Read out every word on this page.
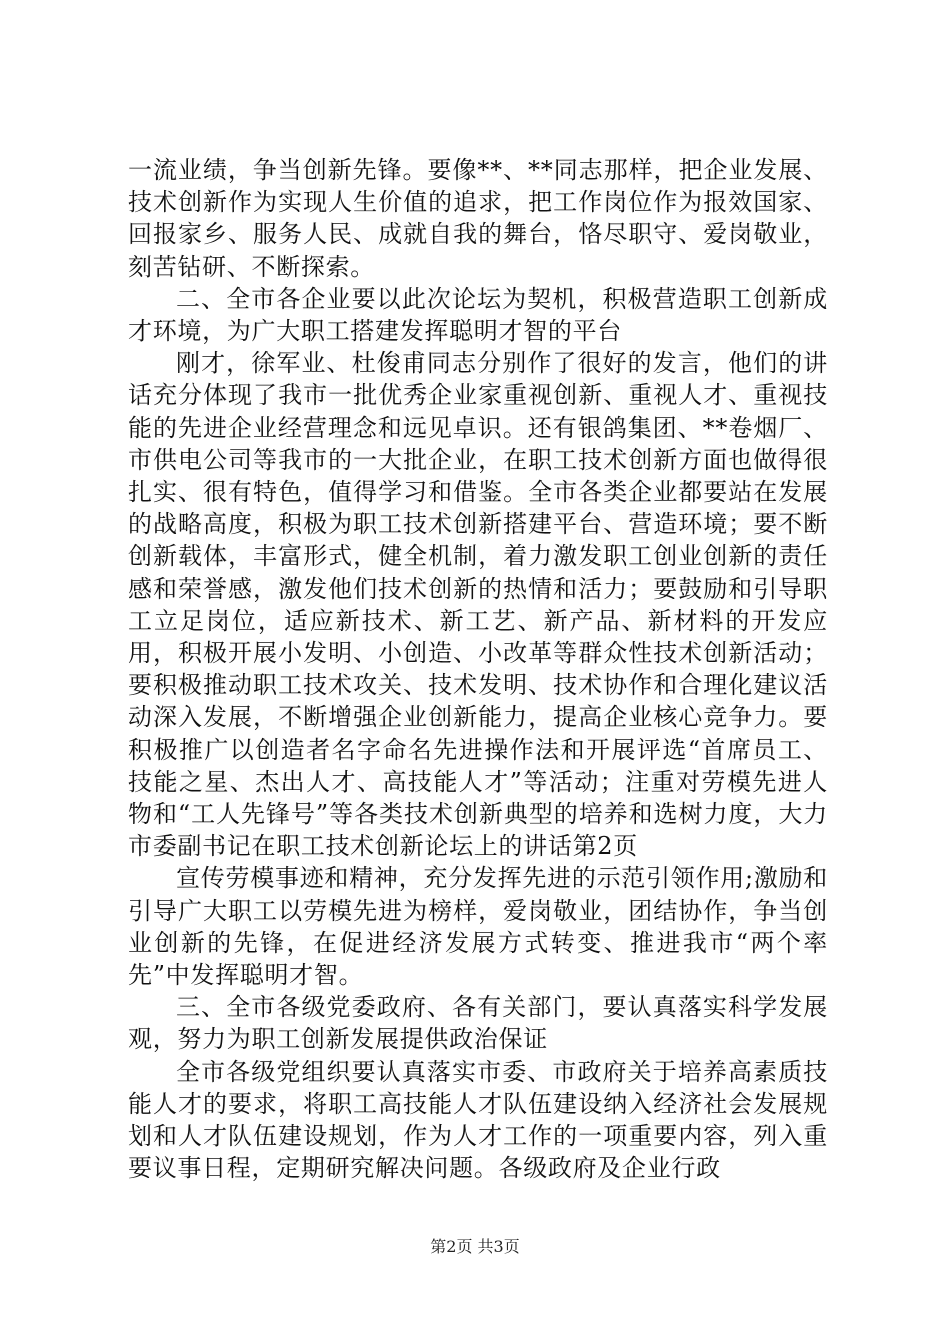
一流业绩，争当创新先锋。要像**、**同志那样，把企业发展、技术创新作为实现人生价值的追求，把工作岗位作为报效国家、回报家乡、服务人民、成就自我的舞台，恪尽职守、爱岗敬业，刻苦钻研、不断探索。

二、全市各企业要以此次论坛为契机，积极营造职工创新成才环境，为广大职工搭建发挥聪明才智的平台

刚才，徐军业、杜俊甫同志分别作了很好的发言，他们的讲话充分体现了我市一批优秀企业家重视创新、重视人才、重视技能的先进企业经营理念和远见卓识。还有银鸽集团、**卷烟厂、市供电公司等我市的一大批企业，在职工技术创新方面也做得很扎实、很有特色，值得学习和借鉴。全市各类企业都要站在发展的战略高度，积极为职工技术创新搭建平台、营造环境；要不断创新载体，丰富形式，健全机制，着力激发职工创业创新的责任感和荣誉感，激发他们技术创新的热情和活力；要鼓励和引导职工立足岗位，适应新技术、新工艺、新产品、新材料的开发应用，积极开展小发明、小创造、小改革等群众性技术创新活动；要积极推动职工技术攻关、技术发明、技术协作和合理化建议活动深入发展，不断增强企业创新能力，提高企业核心竞争力。要积极推广以创造者名字命名先进操作法和开展评选“首席员工、技能之星、杰出人才、高技能人才”等活动；注重对劳模先进人物和“工人先锋号”等各类技术创新典型的培养和选树力度，大力市委副书记在职工技术创新论坛上的讲话第2页

宣传劳模事迹和精神，充分发挥先进的示范引领作用;激励和引导广大职工以劳模先进为榜样，爱岗敬业，团结协作，争当创业创新的先锋，在促进经济发展方式转变、推进我市“两个率先”中发挥聪明才智。

三、全市各级党委政府、各有关部门，要认真落实科学发展观，努力为职工创新发展提供政治保证

全市各级党组织要认真落实市委、市政府关于培养高素质技能人才的要求，将职工高技能人才队伍建设纳入经济社会发展规划和人才队伍建设规划，作为人才工作的一项重要内容，列入重要议事日程，定期研究解决问题。各级政府及企业行政

第2页 共3页
